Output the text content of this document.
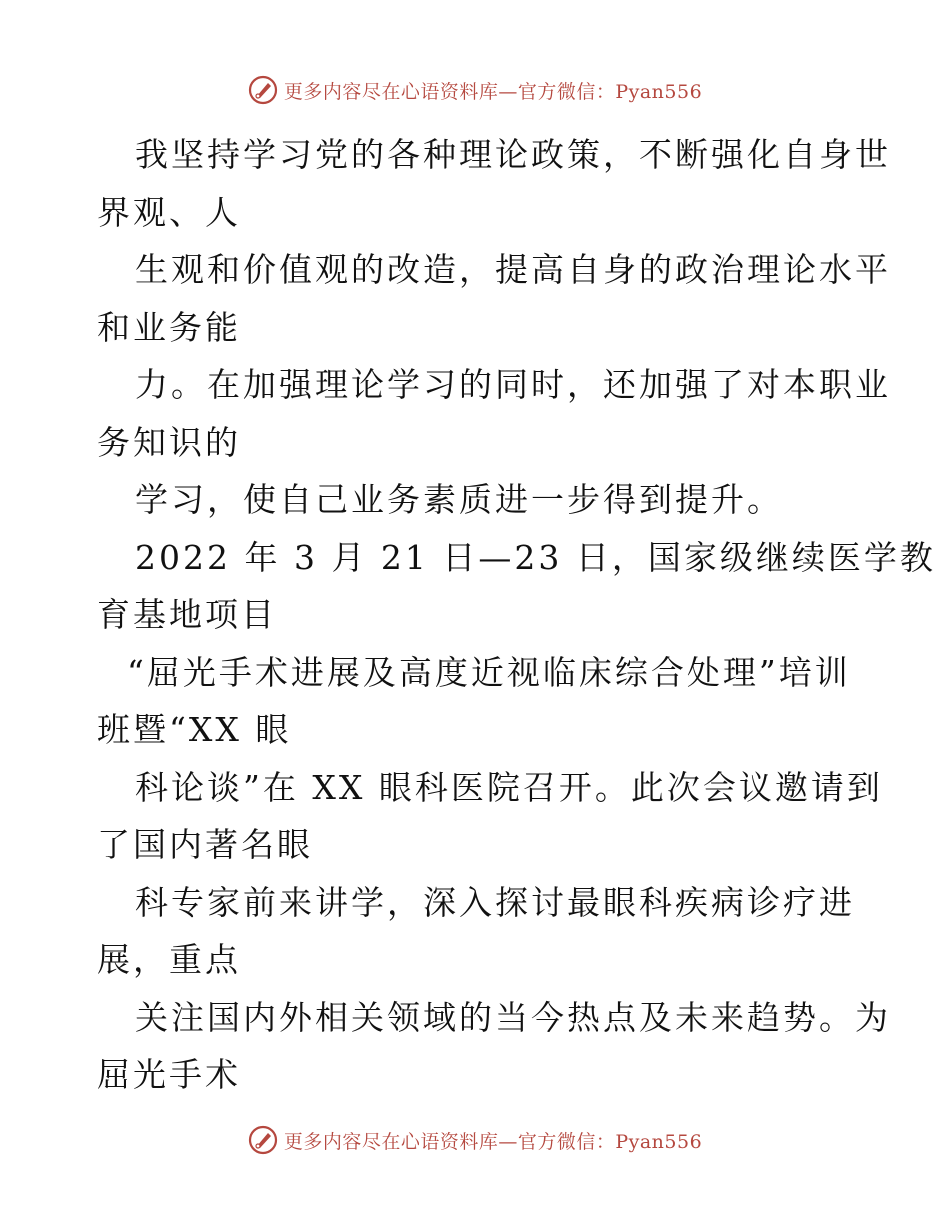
更多内容尽在心语资料库—官方微信：Pyan556
我坚持学习党的各种理论政策，不断强化自身世
界观、人
生观和价值观的改造，提高自身的政治理论水平
和业务能
力。在加强理论学习的同时，还加强了对本职业
务知识的
学习，使自己业务素质进一步得到提升。
2022 年 3 月 21 日—23 日，国家级继续医学教
育基地项目
“屈光手术进展及高度近视临床综合处理”培训
班暨“XX 眼
科论谈”在 XX 眼科医院召开。此次会议邀请到
了国内著名眼
科专家前来讲学，深入探讨最眼科疾病诊疗进
展，重点
关注国内外相关领域的当今热点及未来趋势。为
屈光手术
更多内容尽在心语资料库—官方微信：Pyan556
